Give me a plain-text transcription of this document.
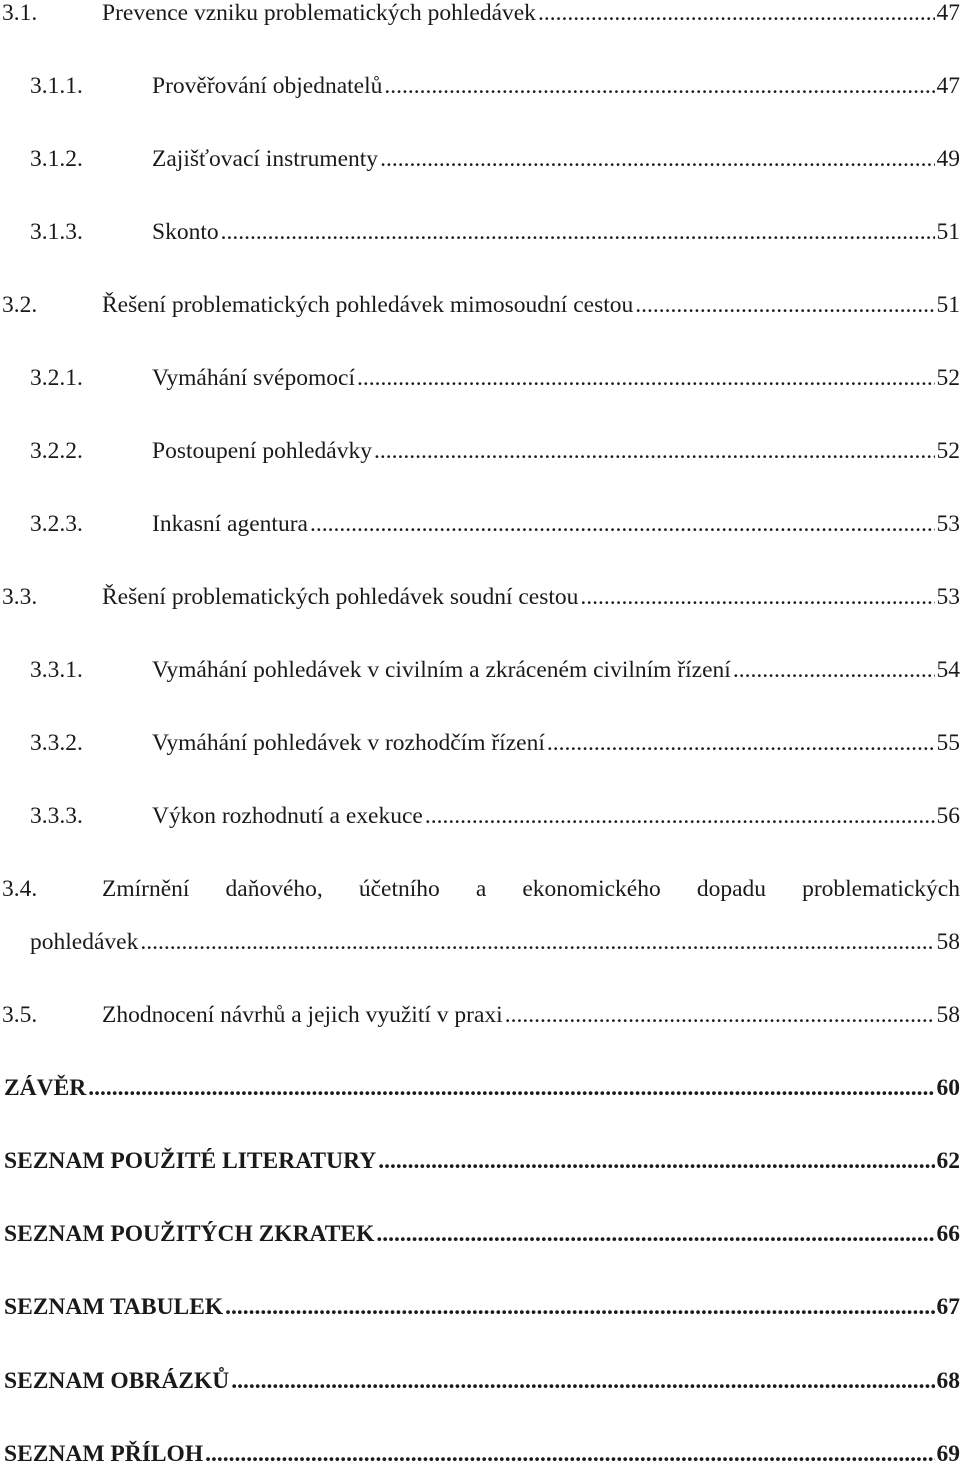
3.1.	Prevence vzniku problematických pohledávek .....	47
3.1.1.	Prověřování objednatelů .....	47
3.1.2.	Zajišťovací instrumenty .....	49
3.1.3.	Skonto .....	51
3.2.	Řešení problematických pohledávek mimosoudní cestou .....	51
3.2.1.	Vymáhání svépomocí .....	52
3.2.2.	Postoupení pohledávky .....	52
3.2.3.	Inkasní agentura .....	53
3.3.	Řešení problematických pohledávek soudní cestou .....	53
3.3.1.	Vymáhání pohledávek v civilním a zkráceném civilním řízení .....	54
3.3.2.	Vymáhání pohledávek v rozhodčím řízení .....	55
3.3.3.	Výkon rozhodnutí a exekuce .....	56
3.4.	Zmírnění daňového, účetního a ekonomického dopadu problematických
pohledávek .....	58
3.5.	Zhodnocení návrhů a jejich využití v praxi .....	58
ZÁVĚR .....	60
SEZNAM POUŽITÉ LITERATURY .....	62
SEZNAM POUŽITÝCH ZKRATEK .....	66
SEZNAM TABULEK .....	67
SEZNAM OBRÁZKŮ .....	68
SEZNAM PŘÍLOH .....	69
